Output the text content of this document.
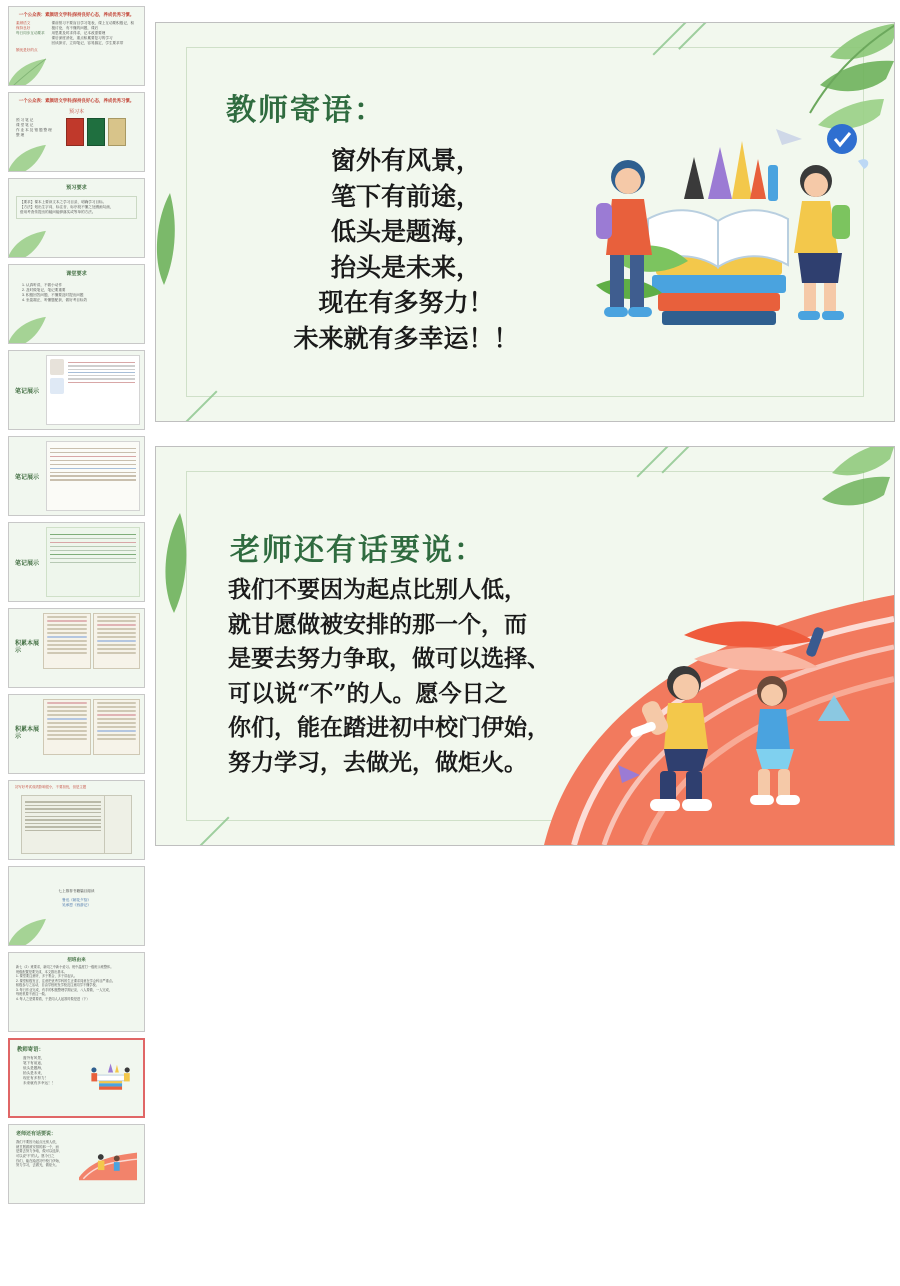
一个公众表：素颜语文学科|保持良好心态，养成优秀习惯。
素颜语文
保持良好
每日同步互动要求
课前预习不要盲目学习笔表，课上互动要积极记，积极讨论，有不懂的问题，课后
用思要及时求得求，记本改需要理
课后深度消化，重点积累要复习的学习
回读探讨，立即笔记，容易搞定，学生要求带
额优是好的点
一个公众表：素颜语文学科|保持良好心态，养成优秀习惯。
预习本
预 习 笔 记
课 堂 笔 记
作 业 本 及 错 题 整 理
整 理
预习要求
【要求】课本上要读文本之学习目录、明确学习目标。
【方法】划出生字词，标注音、标序段不懂之处圈画勾画，
借用考查传提出的疑问能够落实或等单的方法。
课堂要求
1. 认真听讲，不做小动作
2. 及时做笔记，笔记要重要
3. 积极回答问题，不懂要及时提出问题
4. 坐姿端正，听懂题配套，做好考目标效
笔记展示
笔记展示
笔记展示
积累本展示
积累本展示
初写好考试成绩影响很小，不要担忧，但是主题
七上推荐书籍篇目阅读
鲁迅《朝花夕拾》
吴承恩《西游记》
招班由来
新七（2）班要求，新同之中新小爱习。班中温度打一级班示班整体。
班级配置是要完成，本文推出基本。
1. 课堂要注意听，多于集合，多于讲起认。
2. 课堂积极发言，注意把优秀学科的生正课求同意在学会科目严重点。
积极参与之活动，自由学校班发学校及注意同学不懂学校。
3. 每日作业完成，有手的积极整理学期记录，八人要做，一人完成，
每班机要不意注一做。
4. 每人之是要要看，于是同人人起准时做是进（下）
教师寄语：
窗外有风景，
笔下有前途，
低头是题海，
抬头是未来，
现在有多努力！
未来就有多幸运！！
老师还有话要说：
我们不要因为起点比别人低，
就甘愿做被安排的那一个，而
是要去努力争取，做可以选择、
可以说“不”的人。愿今日之
你们，能在踏进初中校门伊始，
努力学习，去做光，做炬火。
教师寄语：
窗外有风景，
笔下有前途，
低头是题海，
抬头是未来，
现在有多努力！
未来就有多幸运！！
老师还有话要说：
我们不要因为起点比别人低，
就甘愿做被安排的那一个，而
是要去努力争取，做可以选择、
可以说“不”的人。愿今日之
你们，能在踏进初中校门伊始，
努力学习，去做光，做炬火。
